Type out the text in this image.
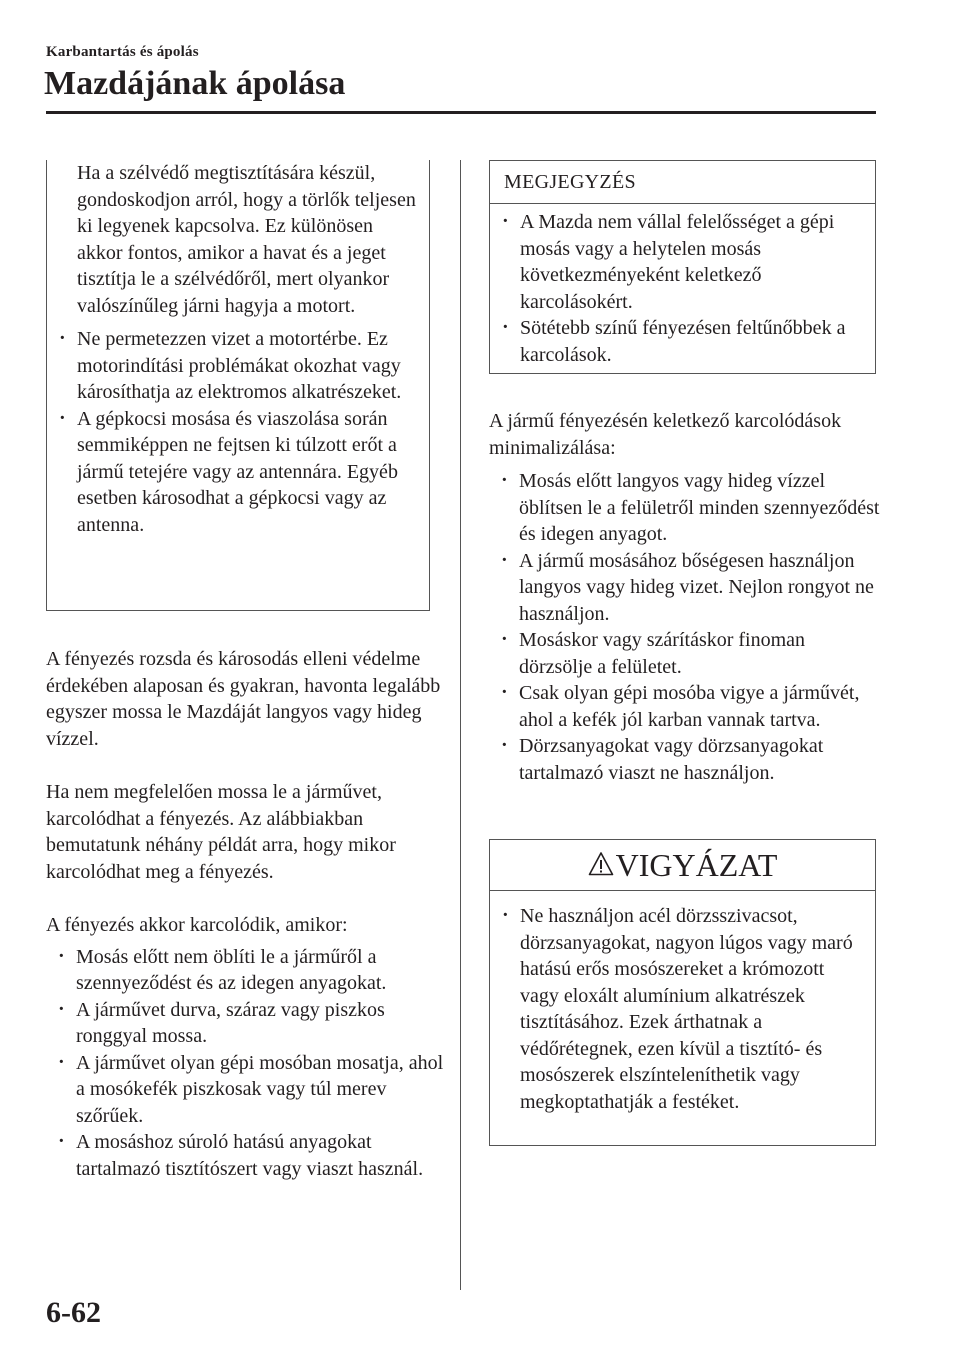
Karbantartás és ápolás
Mazdájának ápolása

Ha a szélvédő megtisztítására készül, gondoskodjon arról, hogy a törlők teljesen ki legyenek kapcsolva. Ez különösen akkor fontos, amikor a havat és a jeget tisztítja le a szélvédőről, mert olyankor valószínűleg járni hagyja a motort.

· Ne permetezzen vizet a motortérbe. Ez motorindítási problémákat okozhat vagy károsíthatja az elektromos alkatrészeket.
· A gépkocsi mosása és viaszolása során semmiképpen ne fejtsen ki túlzott erőt a jármű tetejére vagy az antennára. Egyéb esetben károsodhat a gépkocsi vagy az antenna.

A fényezés rozsda és károsodás elleni védelme érdekében alaposan és gyakran, havonta legalább egyszer mossa le Mazdáját langyos vagy hideg vízzel.

Ha nem megfelelően mossa le a járművet, karcolódhat a fényezés. Az alábbiakban bemutatunk néhány példát arra, hogy mikor karcolódhat meg a fényezés.

A fényezés akkor karcolódik, amikor:

· Mosás előtt nem öblíti le a járműről a szennyeződést és az idegen anyagokat.
· A járművet durva, száraz vagy piszkos ronggyal mossa.
· A járművet olyan gépi mosóban mosatja, ahol a mosókefék piszkosak vagy túl merev szőrűek.
· A mosáshoz súroló hatású anyagokat tartalmazó tisztítószert vagy viaszt használ.
MEGJEGYZÉS
· A Mazda nem vállal felelősséget a gépi mosás vagy a helytelen mosás következményeként keletkező karcolásokért.
· Sötétebb színű fényezésen feltűnőbbek a karcolások.

A jármű fényezésén keletkező karcolódások minimalizálása:

· Mosás előtt langyos vagy hideg vízzel öblítsen le a felületről minden szennyeződést és idegen anyagot.
· A jármű mosásához bőségesen használjon langyos vagy hideg vizet. Nejlon rongyot ne használjon.
· Mosáskor vagy szárításkor finoman dörzsölje a felületet.
· Csak olyan gépi mosóba vigye a járművét, ahol a kefék jól karban vannak tartva.
· Dörzsanyagokat vagy dörzsanyagokat tartalmazó viaszt ne használjon.
VIGYÁZAT
· Ne használjon acél dörzsszivacsot, dörzsanyagokat, nagyon lúgos vagy maró hatású erős mosószereket a krómozott vagy eloxált alumínium alkatrészek tisztításához. Ezek árthatnak a védőrétegnek, ezen kívül a tisztító- és mosószerek elszínteleníthetik vagy megkoptathatják a festéket.
6-62
